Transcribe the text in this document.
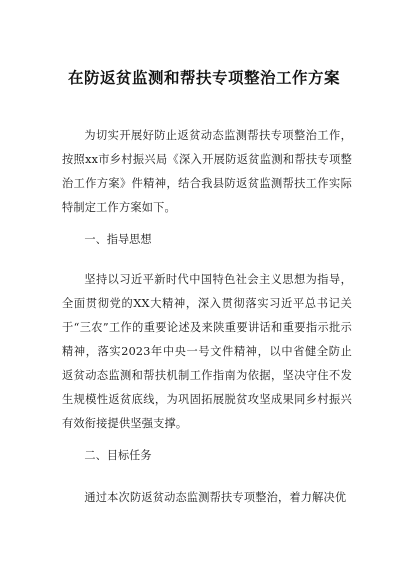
在防返贫监测和帮扶专项整治工作方案

为切实开展好防止返贫动态监测帮扶专项整治工作，按照xx市乡村振兴局《深入开展防返贫监测和帮扶专项整治工作方案》件精神，结合我县防返贫监测帮扶工作实际特制定工作方案如下。

一、指导思想

坚持以习近平新时代中国特色社会主义思想为指导，全面贯彻党的XX大精神，深入贯彻落实习近平总书记关于“三农”工作的重要论述及来陕重要讲话和重要指示批示精神，落实2023年中央一号文件精神，以中省健全防止返贫动态监测和帮扶机制工作指南为依据，坚决守住不发生规模性返贫底线，为巩固拓展脱贫攻坚成果同乡村振兴有效衔接提供坚强支撑。

二、目标任务

通过本次防返贫动态监测帮扶专项整治，着力解决优
